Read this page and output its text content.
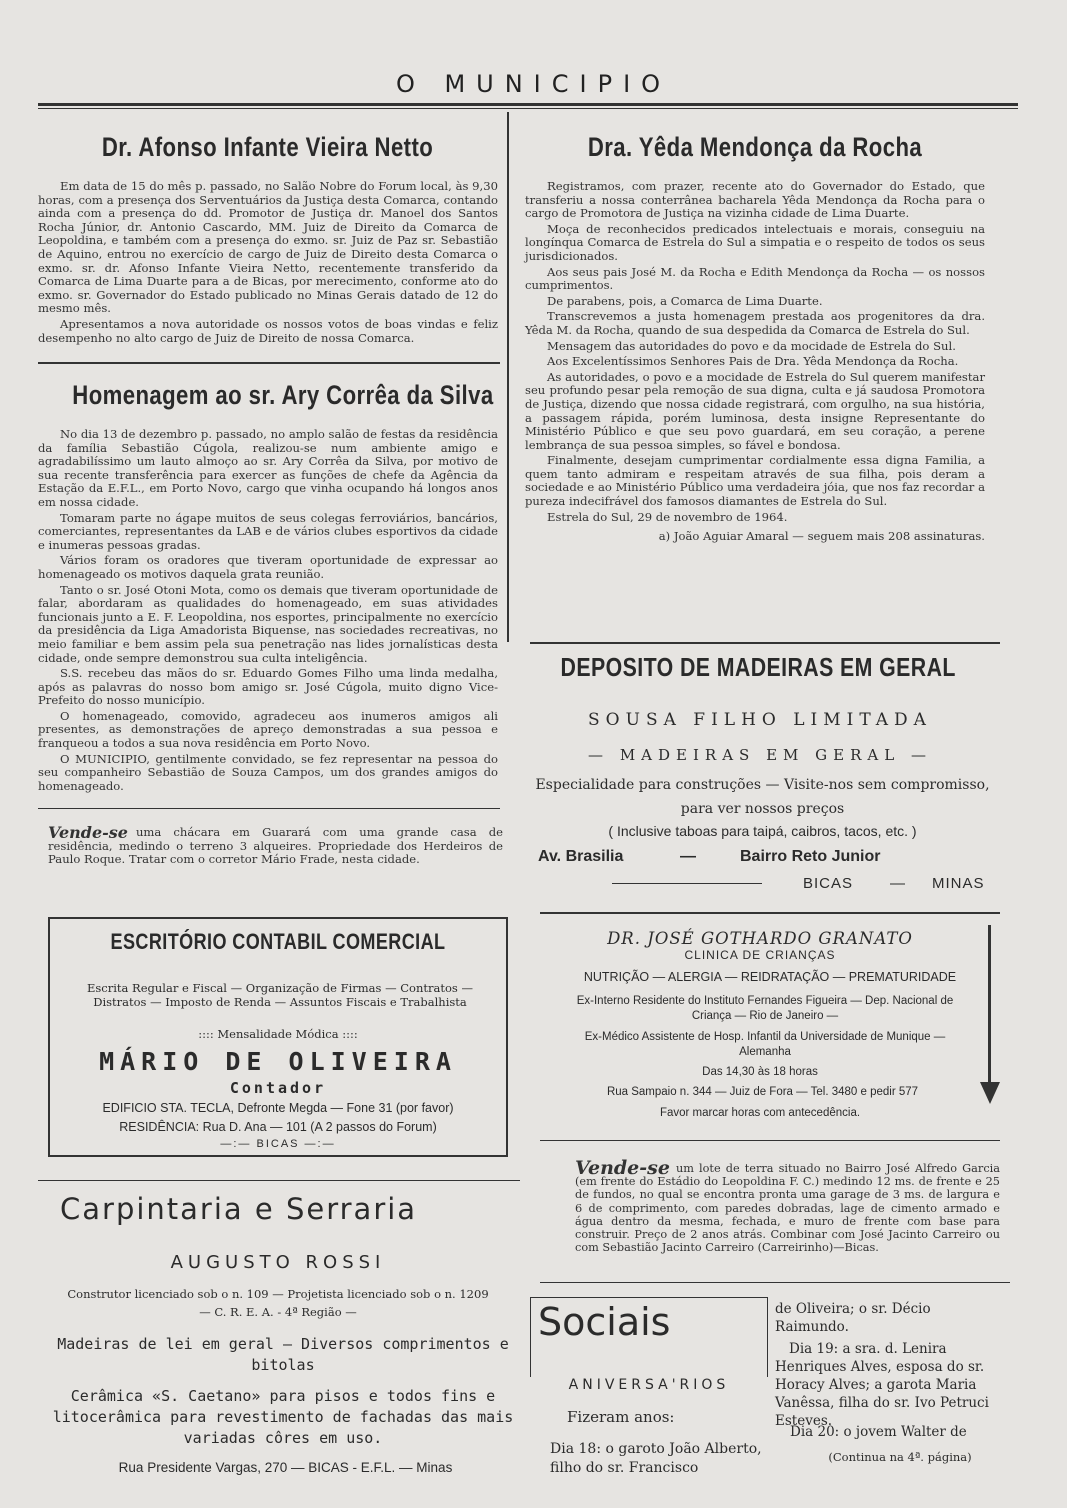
O MUNICIPIO
Dr. Afonso Infante Vieira Netto

Em data de 15 do mês p. passado, no Salão Nobre do Forum local, às 9,30 horas, com a presença dos Serventuários da Justiça desta Comarca, contando ainda com a presença do dd. Promotor de Justiça dr. Manoel dos Santos Rocha Júnior, dr. Antonio Cascardo, MM. Juiz de Direito da Comarca de Leopoldina, e também com a presença do exmo. sr. Juiz de Paz sr. Sebastião de Aquino, entrou no exercício de cargo de Juiz de Direito desta Comarca o exmo. sr. dr. Afonso Infante Vieira Netto, recentemente transferido da Comarca de Lima Duarte para a de Bicas, por merecimento, conforme ato do exmo. sr. Governador do Estado publicado no Minas Gerais datado de 12 do mesmo mês.

Apresentamos a nova autoridade os nossos votos de boas vindas e feliz desempenho no alto cargo de Juiz de Direito de nossa Comarca.

Homenagem ao sr. Ary Corrêa da Silva

No dia 13 de dezembro p. passado, no amplo salão de festas da residência da família Sebastião Cúgola, realizou-se num ambiente amigo e agradabilíssimo um lauto almoço ao sr. Ary Corrêa da Silva, por motivo de sua recente transferência para exercer as funções de chefe da Agência da Estação da E.F.L., em Porto Novo, cargo que vinha ocupando há longos anos em nossa cidade.

Tomaram parte no ágape muitos de seus colegas ferroviários, bancários, comerciantes, representantes da LAB e de vários clubes esportivos da cidade e inumeras pessoas gradas.

Vários foram os oradores que tiveram oportunidade de expressar ao homenageado os motivos daquela grata reunião.

Tanto o sr. José Otoni Mota, como os demais que tiveram oportunidade de falar, abordaram as qualidades do homenageado, em suas atividades funcionais junto a E. F. Leopoldina, nos esportes, principalmente no exercício da presidência da Liga Amadorista Biquense, nas sociedades recreativas, no meio familiar e bem assim pela sua penetração nas lides jornalísticas desta cidade, onde sempre demonstrou sua culta inteligência.

S.S. recebeu das mãos do sr. Eduardo Gomes Filho uma linda medalha, após as palavras do nosso bom amigo sr. José Cúgola, muito digno Vice-Prefeito do nosso município.

O homenageado, comovido, agradeceu aos inumeros amigos ali presentes, as demonstrações de apreço demonstradas a sua pessoa e franqueou a todos a sua nova residência em Porto Novo.

O MUNICIPIO, gentilmente convidado, se fez representar na pessoa do seu companheiro Sebastião de Souza Campos, um dos grandes amigos do homenageado.

Vende-se uma chácara em Guarará com uma grande casa de residência, medindo o terreno 3 alqueires. Propriedade dos Herdeiros de Paulo Roque. Tratar com o corretor Mário Frade, nesta cidade.

ESCRITÓRIO CONTABIL COMERCIAL
Escrita Regular e Fiscal — Organização de Firmas — Contratos — Distratos — Imposto de Renda — Assuntos Fiscais e Trabalhista
:::: Mensalidade Módica ::::
MÁRIO DE OLIVEIRA
Contador
EDIFICIO STA. TECLA, Defronte Megda — Fone 31 (por favor)
RESIDÊNCIA: Rua D. Ana — 101 (A 2 passos do Forum)
—:— BICAS —:—
Carpintaria e Serraria
AUGUSTO ROSSI
Construtor licenciado sob o n. 109 — Projetista licenciado sob o n. 1209
— C. R. E. A. - 4ª Região —
Madeiras de lei em geral — Diversos comprimentos e bitolas
Cerâmica «S. Caetano» para pisos e todos fins e litocerâmica para revestimento de fachadas das mais variadas côres em uso.
Rua Presidente Vargas, 270 — BICAS - E.F.L. — Minas
Dra. Yêda Mendonça da Rocha

Registramos, com prazer, recente ato do Governador do Estado, que transferiu a nossa conterrânea bacharela Yêda Mendonça da Rocha para o cargo de Promotora de Justiça na vizinha cidade de Lima Duarte.

Moça de reconhecidos predicados intelectuais e morais, conseguiu na longínqua Comarca de Estrela do Sul a simpatia e o respeito de todos os seus jurisdicionados.

Aos seus pais José M. da Rocha e Edith Mendonça da Rocha — os nossos cumprimentos.

De parabens, pois, a Comarca de Lima Duarte.

Transcrevemos a justa homenagem prestada aos progenitores da dra. Yêda M. da Rocha, quando de sua despedida da Comarca de Estrela do Sul.

Mensagem das autoridades do povo e da mocidade de Estrela do Sul.

Aos Excelentíssimos Senhores Pais de Dra. Yêda Mendonça da Rocha.

As autoridades, o povo e a mocidade de Estrela do Sul querem manifestar seu profundo pesar pela remoção de sua digna, culta e já saudosa Promotora de Justiça, dizendo que nossa cidade registrará, com orgulho, na sua história, a passagem rápida, porém luminosa, desta insigne Representante do Ministério Público e que seu povo guardará, em seu coração, a perene lembrança de sua pessoa simples, so fável e bondosa.

Finalmente, desejam cumprimentar cordialmente essa digna Familia, a quem tanto admiram e respeitam através de sua filha, pois deram a sociedade e ao Ministério Público uma verdadeira jóia, que nos faz recordar a pureza indecifrável dos famosos diamantes de Estrela do Sul.

Estrela do Sul, 29 de novembro de 1964.

a) João Aguiar Amaral — seguem mais 208 assinaturas.

DEPOSITO DE MADEIRAS EM GERAL
SOUSA FILHO LIMITADA
— MADEIRAS EM GERAL —
Especialidade para construções — Visite-nos sem compromisso, para ver nossos preços
( Inclusive taboas para taipá, caibros, tacos, etc. )
Av. Brasilia	—	Bairro Reto Junior
BICAS — MINAS
DR. JOSÉ GOTHARDO GRANATO
CLINICA DE CRIANÇAS
NUTRIÇÃO — ALERGIA — REIDRATAÇÃO — PREMATURIDADE
Ex-Interno Residente do Instituto Fernandes Figueira — Dep. Nacional de Criança — Rio de Janeiro —
Ex-Médico Assistente de Hosp. Infantil da Universidade de Munique — Alemanha
Das 14,30 às 18 horas
Rua Sampaio n. 344 — Juiz de Fora — Tel. 3480 e pedir 577
Favor marcar horas com antecedência.

Vende-se um lote de terra situado no Bairro José Alfredo Garcia (em frente do Estádio do Leopoldina F. C.) medindo 12 ms. de frente e 25 de fundos, no qual se encontra pronta uma garage de 3 ms. de largura e 6 de comprimento, com paredes dobradas, lage de cimento armado e água dentro da mesma, fechada, e muro de frente com base para construir. Preço de 2 anos atrás. Combinar com José Jacinto Carreiro ou com Sebastião Jacinto Carreiro (Carreirinho)—Bicas.

Sociais
ANIVERSA'RIOS
Fizeram anos:
Dia 18: o garoto João Alberto, filho do sr. Francisco
de Oliveira; o sr. Décio Raimundo.
Dia 19: a sra. d. Lenira Henriques Alves, esposa do sr. Horacy Alves; a garota Maria Vanêssa, filha do sr. Ivo Petruci Esteves.
Dia 20: o jovem Walter de
(Continua na 4ª. página)
